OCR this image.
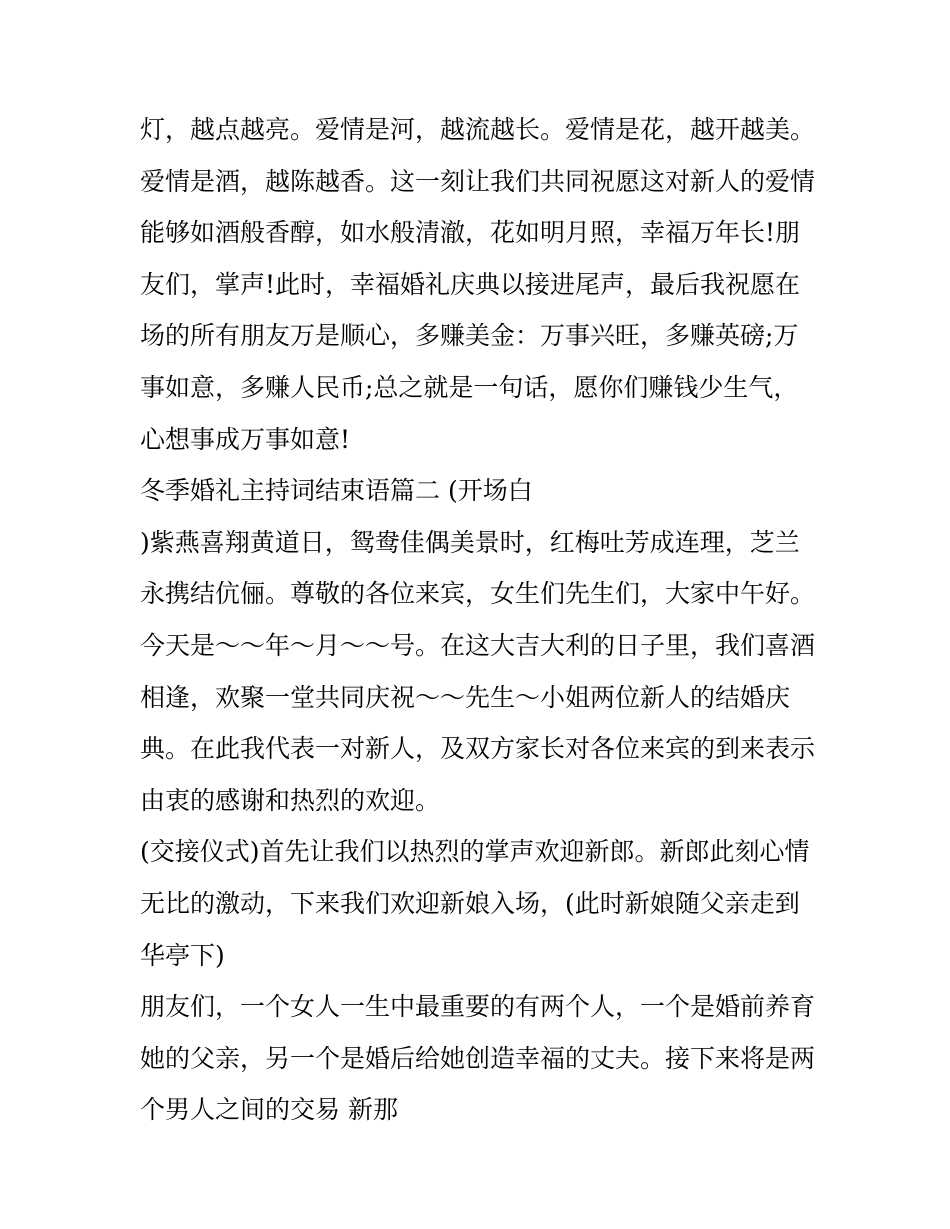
灯，越点越亮。爱情是河，越流越长。爱情是花，越开越美。
爱情是酒，越陈越香。这一刻让我们共同祝愿这对新人的爱情
能够如酒般香醇，如水般清澈，花如明月照，幸福万年长!朋
友们，掌声!此时，幸福婚礼庆典以接进尾声，最后我祝愿在
场的所有朋友万是顺心，多赚美金：万事兴旺，多赚英磅;万
事如意，多赚人民币;总之就是一句话，愿你们赚钱少生气，
心想事成万事如意!
冬季婚礼主持词结束语篇二 (开场白
)紫燕喜翔黄道日，鸳鸯佳偶美景时，红梅吐芳成连理，芝兰
永携结伉俪。尊敬的各位来宾，女生们先生们，大家中午好。
今天是～～年～月～～号。在这大吉大利的日子里，我们喜酒
相逢，欢聚一堂共同庆祝～～先生～小姐两位新人的结婚庆
典。在此我代表一对新人，及双方家长对各位来宾的到来表示
由衷的感谢和热烈的欢迎。
(交接仪式)首先让我们以热烈的掌声欢迎新郎。新郎此刻心情
无比的激动，下来我们欢迎新娘入场，(此时新娘随父亲走到
华亭下)
朋友们，一个女人一生中最重要的有两个人，一个是婚前养育
她的父亲，另一个是婚后给她创造幸福的丈夫。接下来将是两
个男人之间的交易 新那
